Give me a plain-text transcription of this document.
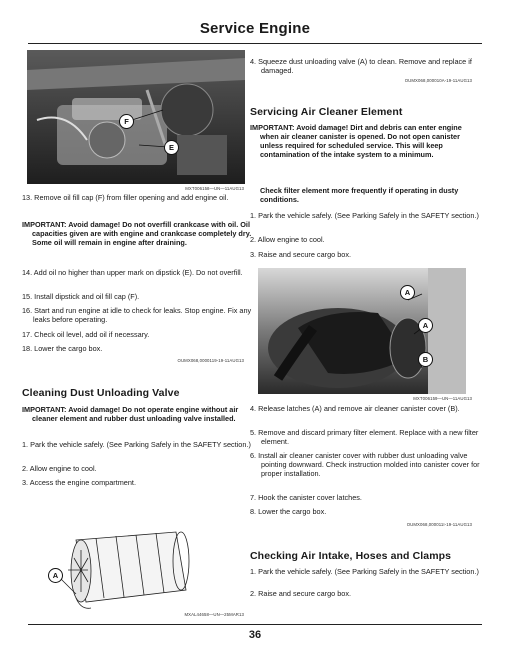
Service Engine
F
E
MXT006158—UN—11AUG13
13. Remove oil fill cap (F) from filler opening and add engine oil.
IMPORTANT: Avoid damage! Do not overfill crankcase with oil. Oil capacities given are with engine and crankcase completely dry. Some oil will remain in engine after draining.
14. Add oil no higher than upper mark on dipstick (E). Do not overfill.
15. Install dipstick and oil fill cap (F).
16. Start and run engine at idle to check for leaks. Stop engine. Fix any leaks before operating.
17. Check oil level, add oil if necessary.
18. Lower the cargo box.
OUMX068,0000119-19-11AUG13
Cleaning Dust Unloading Valve
IMPORTANT: Avoid damage! Do not operate engine without air cleaner element and rubber dust unloading valve installed.
1. Park the vehicle safely. (See Parking Safely in the SAFETY section.)
2. Allow engine to cool.
3. Access the engine compartment.
A
MXAL44658—UN—25MAR13
4. Squeeze dust unloading valve (A) to clean. Remove and replace if damaged.
OUMX068,000010A-19-11AUG13
Servicing Air Cleaner Element
IMPORTANT: Avoid damage! Dirt and debris can enter engine when air cleaner canister is opened. Do not open canister unless required for scheduled service. This will keep contamination of the intake system to a minimum.
Check filter element more frequently if operating in dusty conditions.
1. Park the vehicle safely. (See Parking Safely in the SAFETY section.)
2. Allow engine to cool.
3. Raise and secure cargo box.
A
A
B
MXT006159—UN—11AUG13
4. Release latches (A) and remove air cleaner canister cover (B).
5. Remove and discard primary filter element. Replace with a new filter element.
6. Install air cleaner canister cover with rubber dust unloading valve pointing downward. Check instruction molded into canister cover for proper installation.
7. Hook the canister cover latches.
8. Lower the cargo box.
OUMX068,000011I-19-11AUG13
Checking Air Intake, Hoses and Clamps
1. Park the vehicle safely. (See Parking Safely in the SAFETY section.)
2. Raise and secure cargo box.
36
